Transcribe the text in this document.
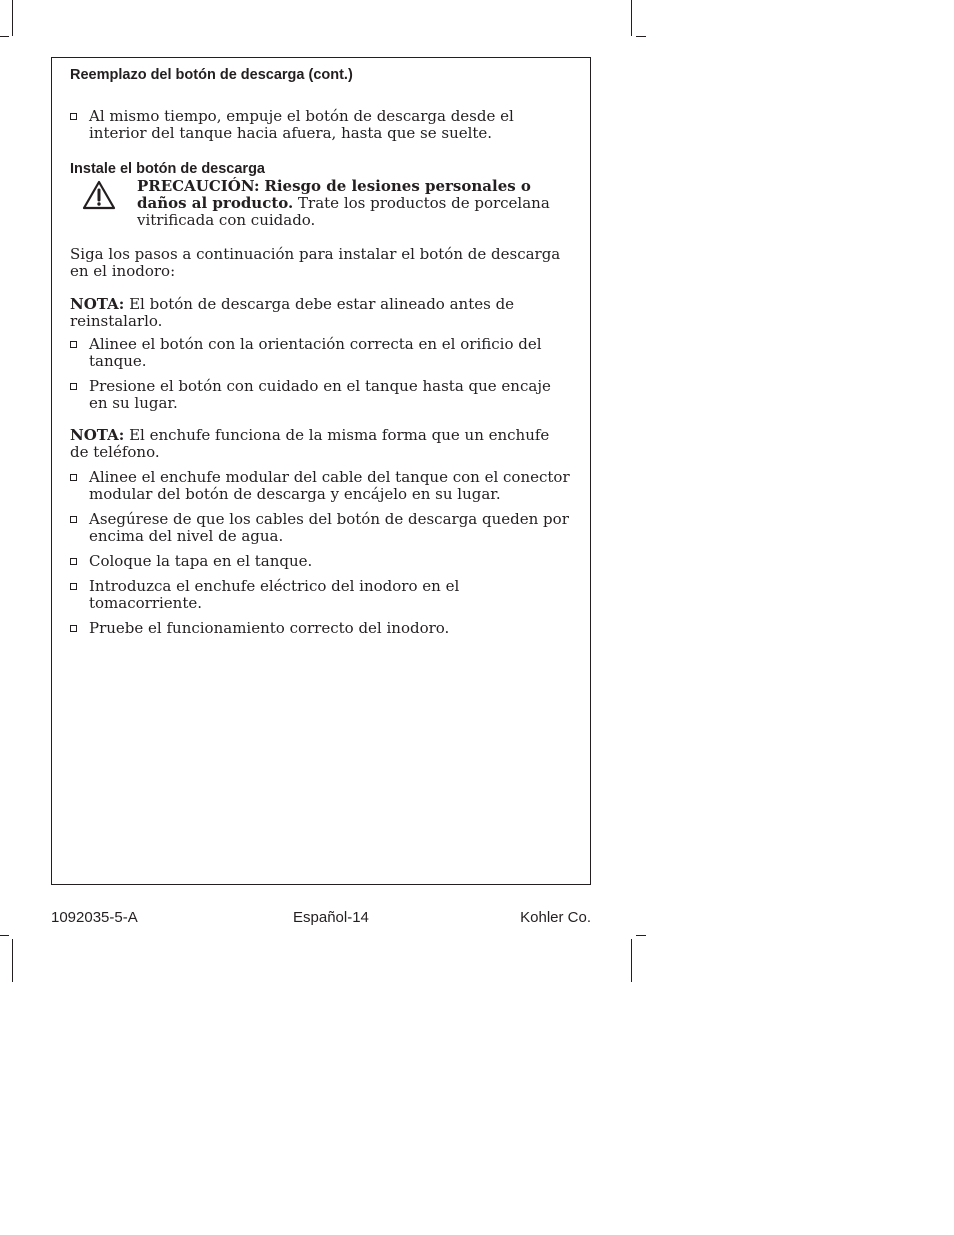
Reemplazo del botón de descarga (cont.)

Al mismo tiempo, empuje el botón de descarga desde el interior del tanque hacia afuera, hasta que se suelte.

Instale el botón de descarga

PRECAUCIÓN: Riesgo de lesiones personales o daños al producto. Trate los productos de porcelana vitrificada con cuidado.

Siga los pasos a continuación para instalar el botón de descarga en el inodoro:

NOTA: El botón de descarga debe estar alineado antes de reinstalarlo.

Alinee el botón con la orientación correcta en el orificio del tanque.
Presione el botón con cuidado en el tanque hasta que encaje en su lugar.

NOTA: El enchufe funciona de la misma forma que un enchufe de teléfono.

Alinee el enchufe modular del cable del tanque con el conector modular del botón de descarga y encájelo en su lugar.
Asegúrese de que los cables del botón de descarga queden por encima del nivel de agua.
Coloque la tapa en el tanque.
Introduzca el enchufe eléctrico del inodoro en el tomacorriente.
Pruebe el funcionamiento correcto del inodoro.
1092035-5-A	Español-14	Kohler Co.
